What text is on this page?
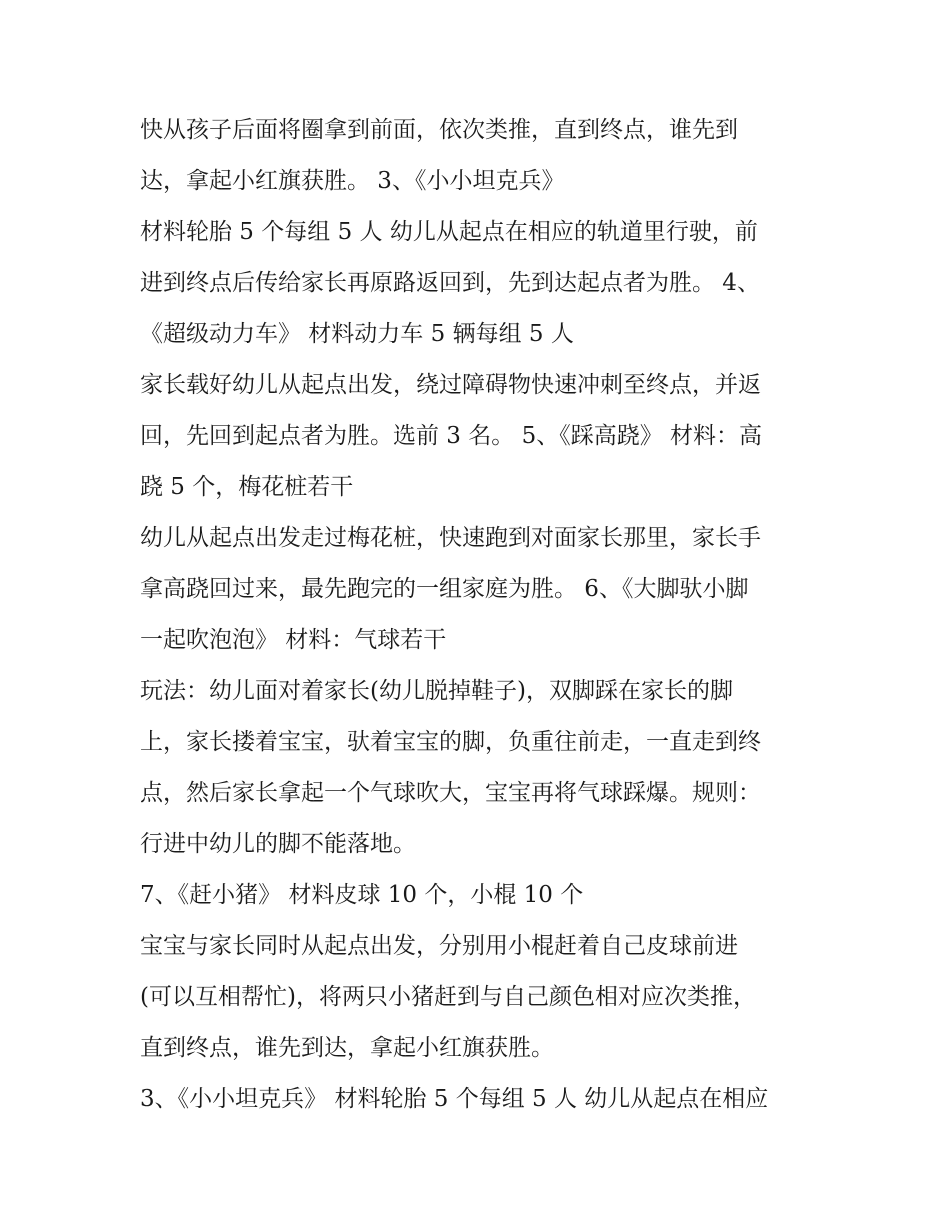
快从孩子后面将圈拿到前面，依次类推，直到终点，谁先到
达，拿起小红旗获胜。 3、《小小坦克兵》
材料轮胎 5 个每组 5 人 幼儿从起点在相应的轨道里行驶，前
进到终点后传给家长再原路返回到，先到达起点者为胜。 4、
《超级动力车》 材料动力车 5 辆每组 5 人
家长载好幼儿从起点出发，绕过障碍物快速冲刺至终点，并返
回，先回到起点者为胜。选前 3 名。 5、《踩高跷》 材料：高
跷 5 个，梅花桩若干
幼儿从起点出发走过梅花桩，快速跑到对面家长那里，家长手
拿高跷回过来，最先跑完的一组家庭为胜。 6、《大脚驮小脚
一起吹泡泡》 材料：气球若干
玩法：幼儿面对着家长(幼儿脱掉鞋子)，双脚踩在家长的脚
上，家长搂着宝宝，驮着宝宝的脚，负重往前走，一直走到终
点，然后家长拿起一个气球吹大，宝宝再将气球踩爆。规则：
行进中幼儿的脚不能落地。
7、《赶小猪》 材料皮球 10 个，小棍 10 个
宝宝与家长同时从起点出发，分别用小棍赶着自己皮球前进
(可以互相帮忙)，将两只小猪赶到与自己颜色相对应次类推，
直到终点，谁先到达，拿起小红旗获胜。
3、《小小坦克兵》 材料轮胎 5 个每组 5 人 幼儿从起点在相应
